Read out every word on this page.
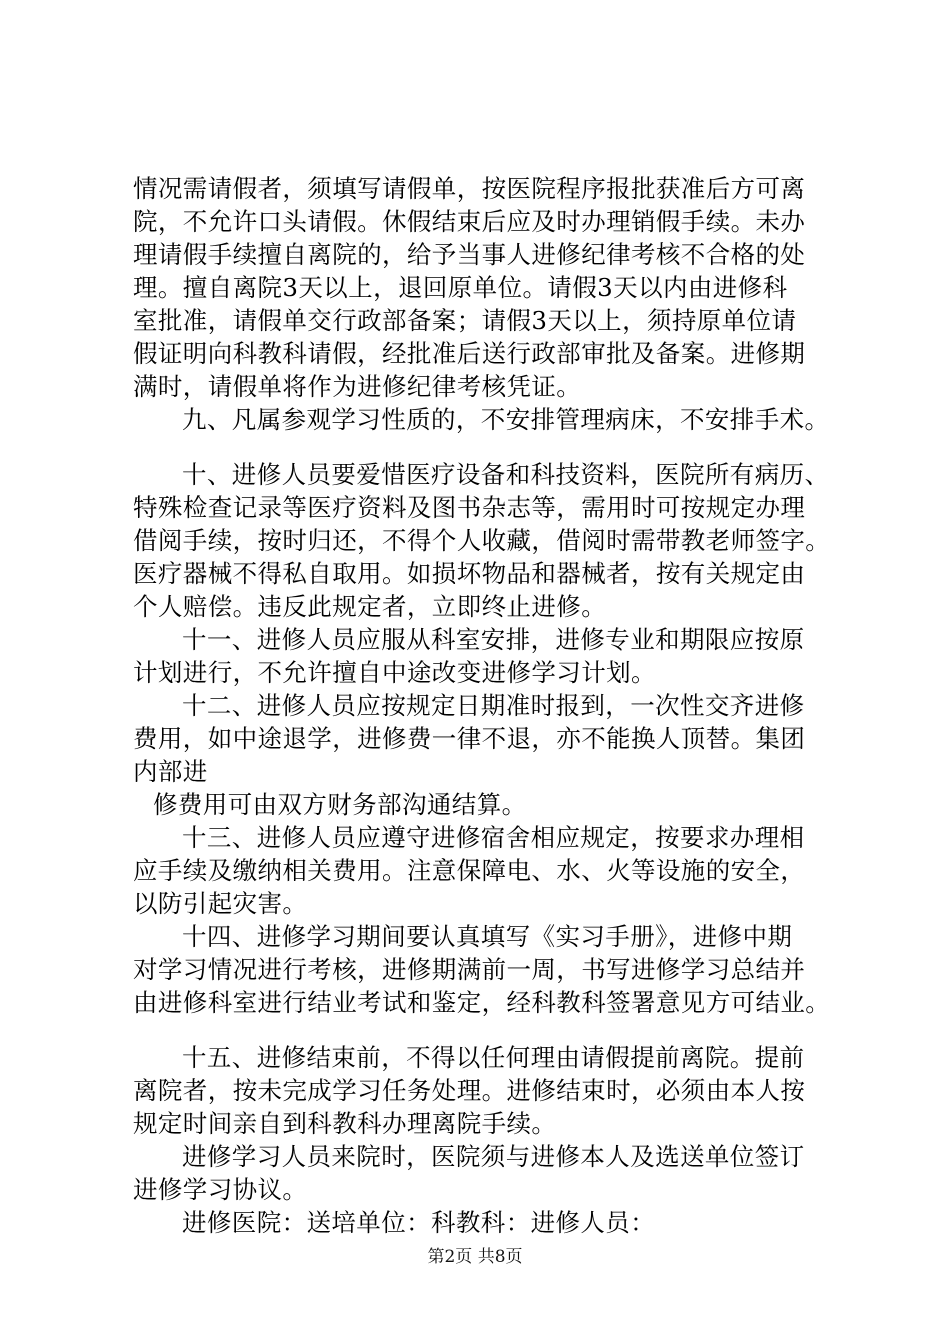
情况需请假者，须填写请假单，按医院程序报批获准后方可离
院，不允许口头请假。休假结束后应及时办理销假手续。未办
理请假手续擅自离院的，给予当事人进修纪律考核不合格的处
理。擅自离院3天以上，退回原单位。请假3天以内由进修科
室批准，请假单交行政部备案；请假3天以上，须持原单位请
假证明向科教科请假，经批准后送行政部审批及备案。进修期
满时，请假单将作为进修纪律考核凭证。
九、凡属参观学习性质的，不安排管理病床，不安排手术。
十、进修人员要爱惜医疗设备和科技资料，医院所有病历、
特殊检查记录等医疗资料及图书杂志等，需用时可按规定办理
借阅手续，按时归还，不得个人收藏，借阅时需带教老师签字。
医疗器械不得私自取用。如损坏物品和器械者，按有关规定由
个人赔偿。违反此规定者，立即终止进修。
十一、进修人员应服从科室安排，进修专业和期限应按原
计划进行，不允许擅自中途改变进修学习计划。
十二、进修人员应按规定日期准时报到，一次性交齐进修
费用，如中途退学，进修费一律不退，亦不能换人顶替。集团
内部进
修费用可由双方财务部沟通结算。
十三、进修人员应遵守进修宿舍相应规定，按要求办理相
应手续及缴纳相关费用。注意保障电、水、火等设施的安全，
以防引起灾害。
十四、进修学习期间要认真填写《实习手册》，进修中期
对学习情况进行考核，进修期满前一周，书写进修学习总结并
由进修科室进行结业考试和鉴定，经科教科签署意见方可结业。
十五、进修结束前，不得以任何理由请假提前离院。提前
离院者，按未完成学习任务处理。进修结束时，必须由本人按
规定时间亲自到科教科办理离院手续。
进修学习人员来院时，医院须与进修本人及选送单位签订
进修学习协议。
进修医院：送培单位：科教科：进修人员：
第2页 共8页
